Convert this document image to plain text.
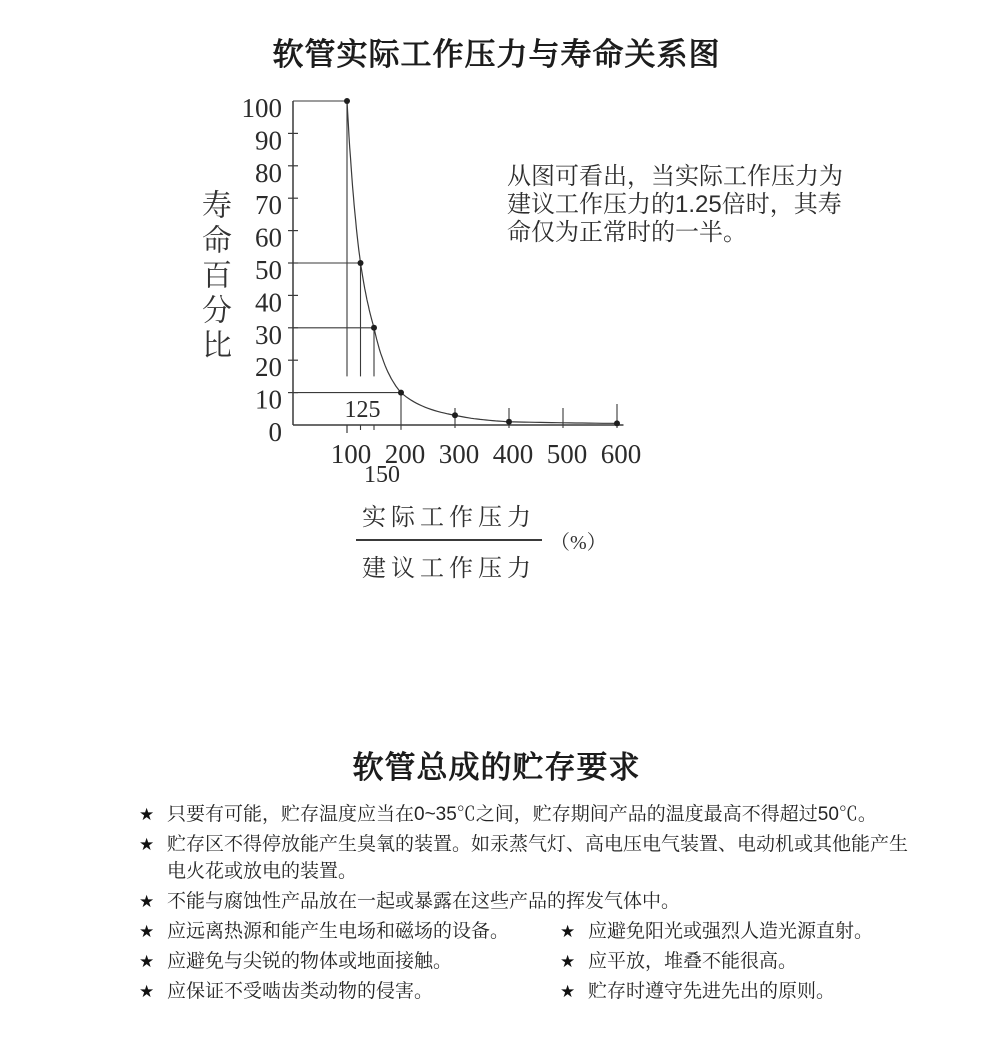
软管实际工作压力与寿命关系图
0
10
20
30
40
50
60
70
80
90
100
100 200 300 400 500 600
150
125
寿命百分比
从图可看出，当实际工作压力为
建议工作压力的1.25倍时，其寿
命仅为正常时的一半。
$\frac{\text{实际工作压力}}{\text{建议工作压力}}$ （%）
软管总成的贮存要求
★ 只要有可能，贮存温度应当在0~35℃之间，贮存期间产品的温度最高不得超过50℃。
★ 贮存区不得停放能产生臭氧的装置。如汞蒸气灯、高电压电气装置、电动机或其他能产生电火花或放电的装置。
★ 不能与腐蚀性产品放在一起或暴露在这些产品的挥发气体中。
★ 应远离热源和能产生电场和磁场的设备。
★ 应避免与尖锐的物体或地面接触。
★ 应保证不受啮齿类动物的侵害。
★ 应避免阳光或强烈人造光源直射。
★ 应平放，堆叠不能很高。
★ 贮存时遵守先进先出的原则。
